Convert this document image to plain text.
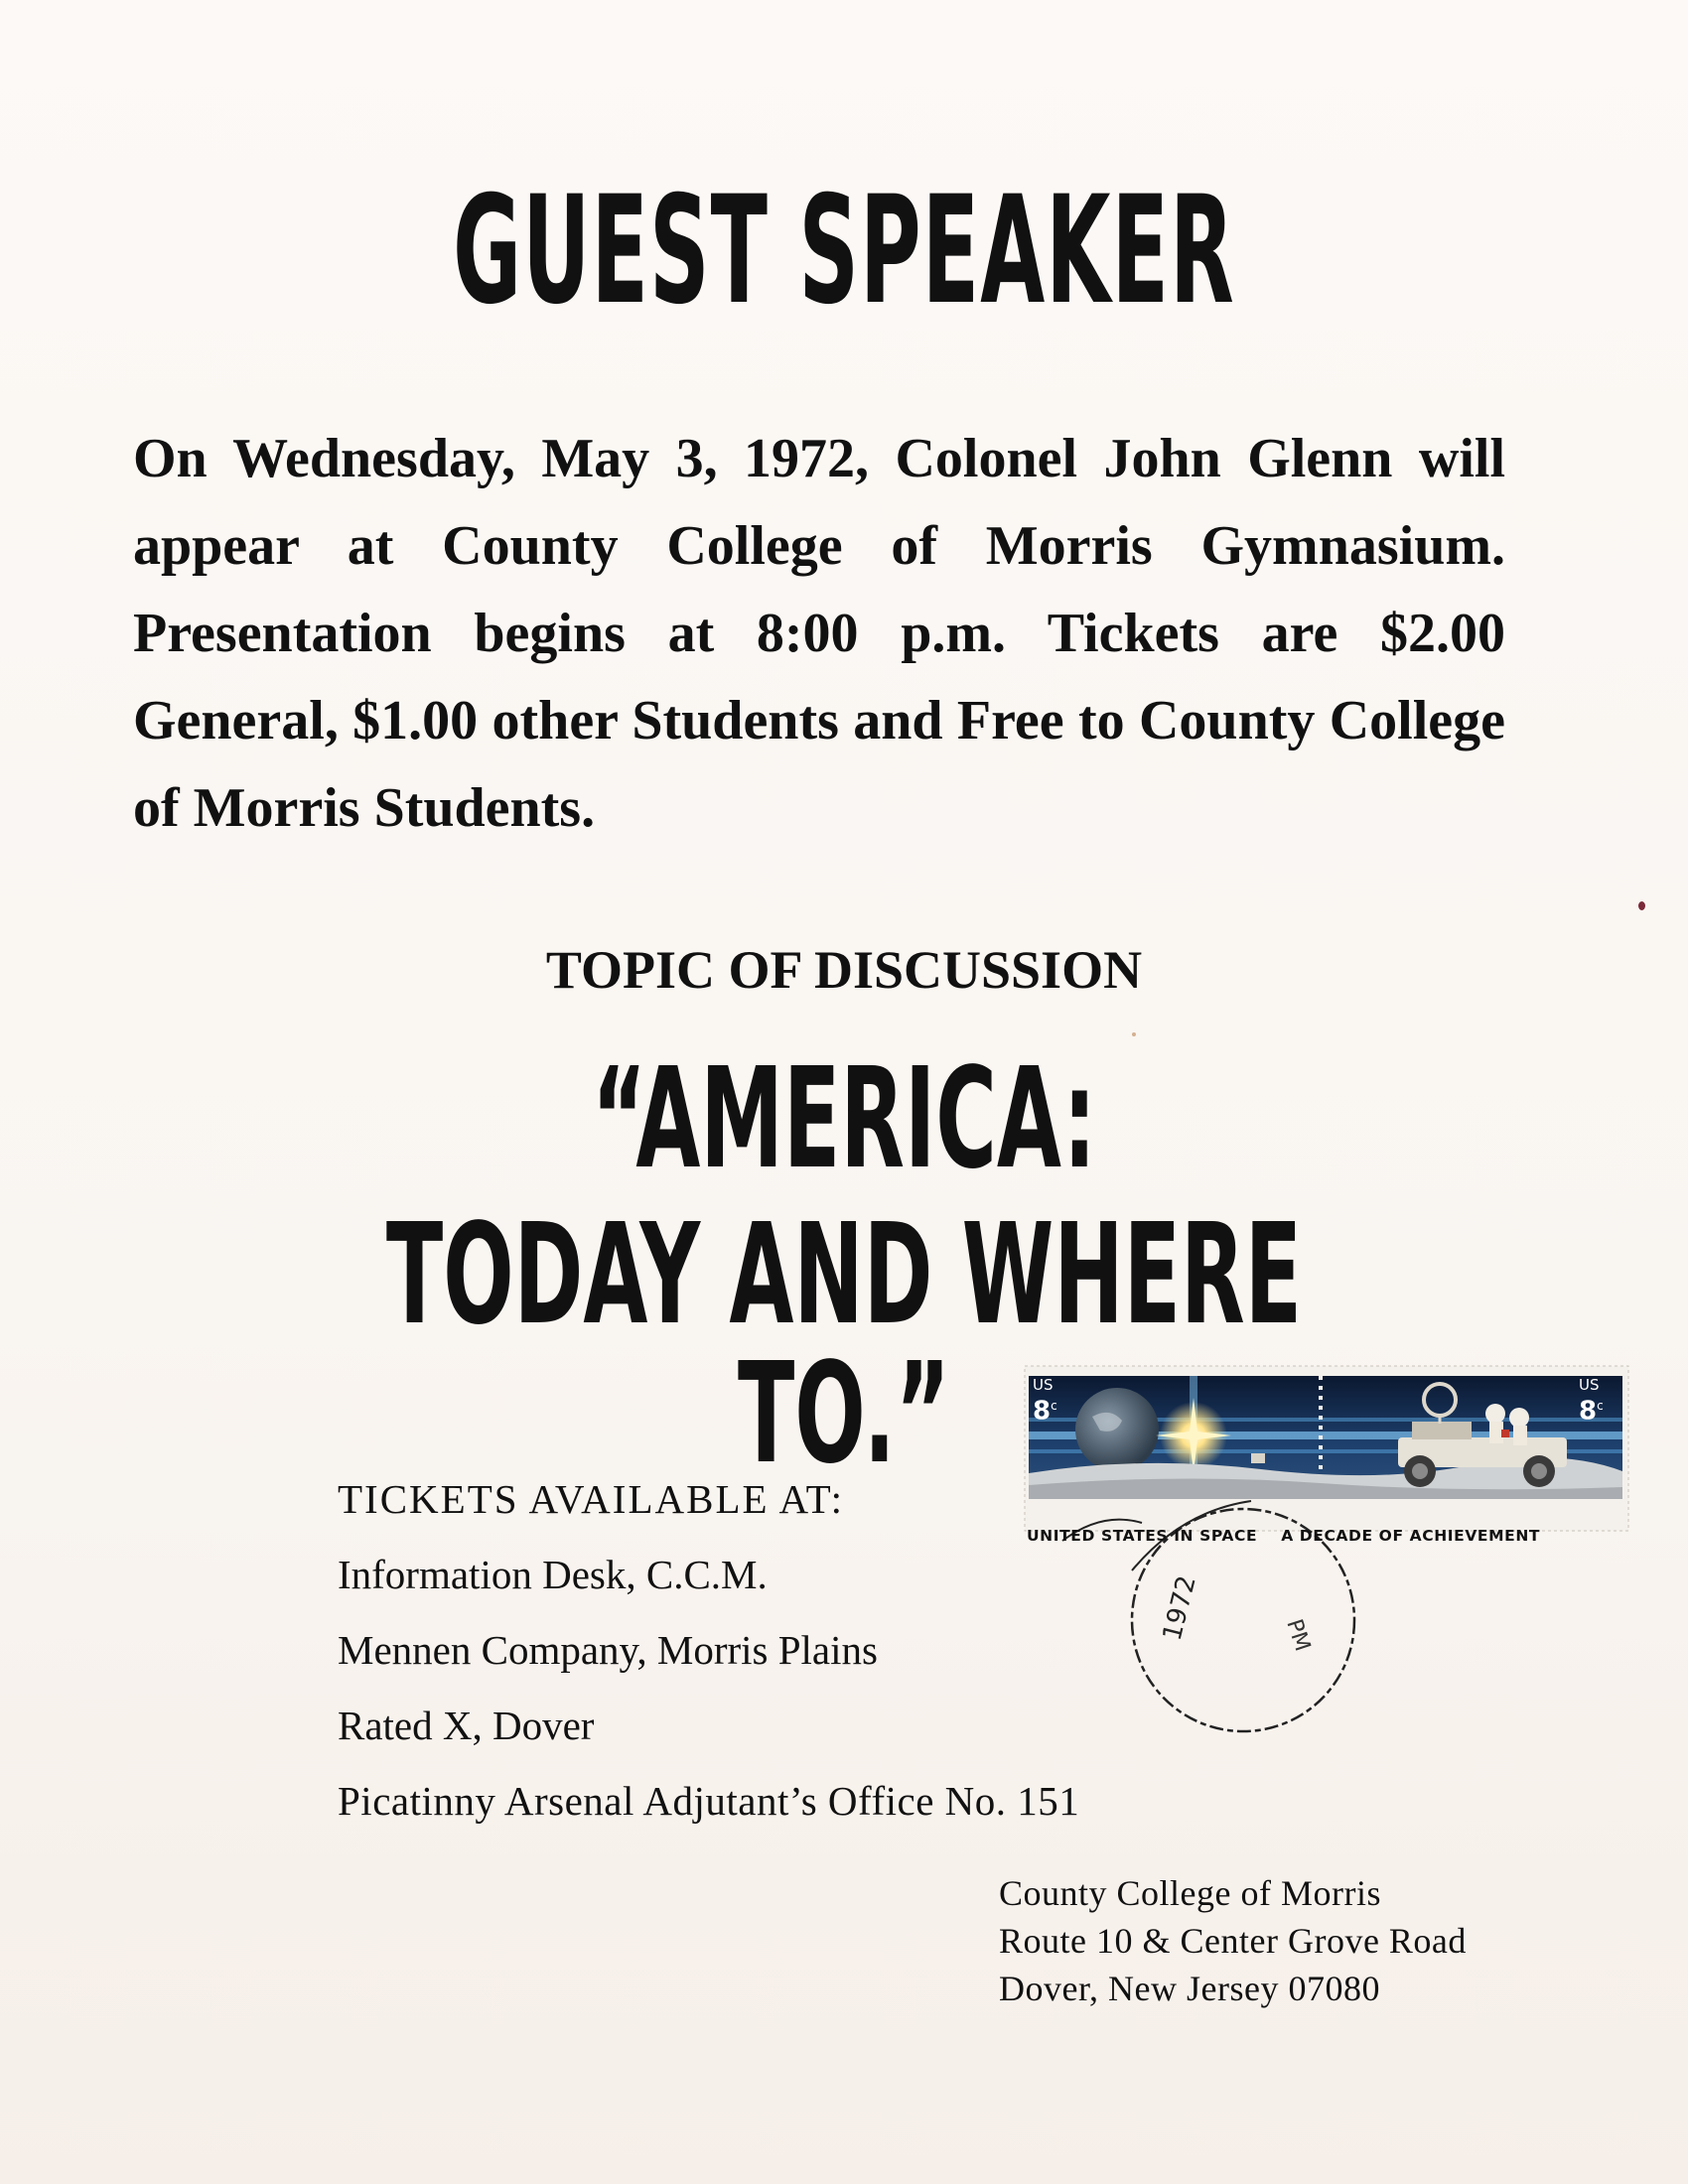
GUEST SPEAKER

On Wednesday, May 3, 1972, Colonel John Glenn will appear at County College of Morris Gymnasium. Presentation begins at 8:00 p.m. Tickets are $2.00 General, $1.00 other Students and Free to County College of Morris Students.

TOPIC OF DISCUSSION

“AMERICA:

TODAY AND WHERE TO.”

TICKETS AVAILABLE AT:
Information Desk, C.C.M.
Mennen Company, Morris Plains
Rated X, Dover
Picatinny Arsenal Adjutant’s Office No. 151
County College of Morris
Route 10 & Center Grove Road
Dover, New Jersey 07080
1972	PM
US
8$^c$
US
8$^c$
UNITED STATES IN SPACE A DECADE OF ACHIEVEMENT
